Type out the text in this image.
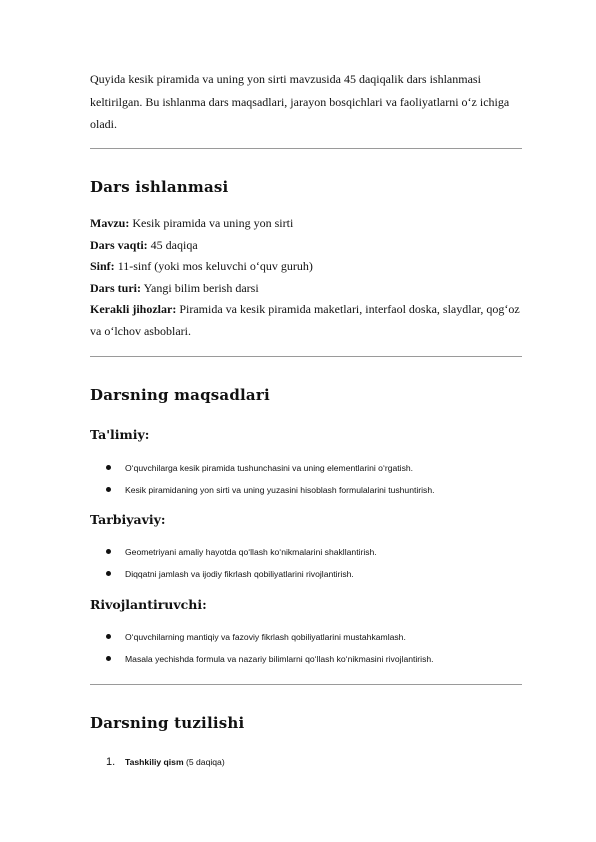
Quyida kesik piramida va uning yon sirti mavzusida 45 daqiqalik dars ishlanmasi keltirilgan. Bu ishlanma dars maqsadlari, jarayon bosqichlari va faoliyatlarni o‘z ichiga oladi.

Dars ishlanmasi
Mavzu: Kesik piramida va uning yon sirti
Dars vaqti: 45 daqiqa
Sinf: 11-sinf (yoki mos keluvchi o‘quv guruh)
Dars turi: Yangi bilim berish darsi
Kerakli jihozlar: Piramida va kesik piramida maketlari, interfaol doska, slaydlar, qog‘oz va o‘lchov asboblari.
Darsning maqsadlari
Ta'limiy:
O‘quvchilarga kesik piramida tushunchasini va uning elementlarini o‘rgatish.
Kesik piramidaning yon sirti va uning yuzasini hisoblash formulalarini tushuntirish.
Tarbiyaviy:
Geometriyani amaliy hayotda qo‘llash ko‘nikmalarini shakllantirish.
Diqqatni jamlash va ijodiy fikrlash qobiliyatlarini rivojlantirish.
Rivojlantiruvchi:
O‘quvchilarning mantiqiy va fazoviy fikrlash qobiliyatlarini mustahkamlash.
Masala yechishda formula va nazariy bilimlarni qo‘llash ko‘nikmasini rivojlantirish.
Darsning tuzilishi
1. Tashkiliy qism (5 daqiqa)
